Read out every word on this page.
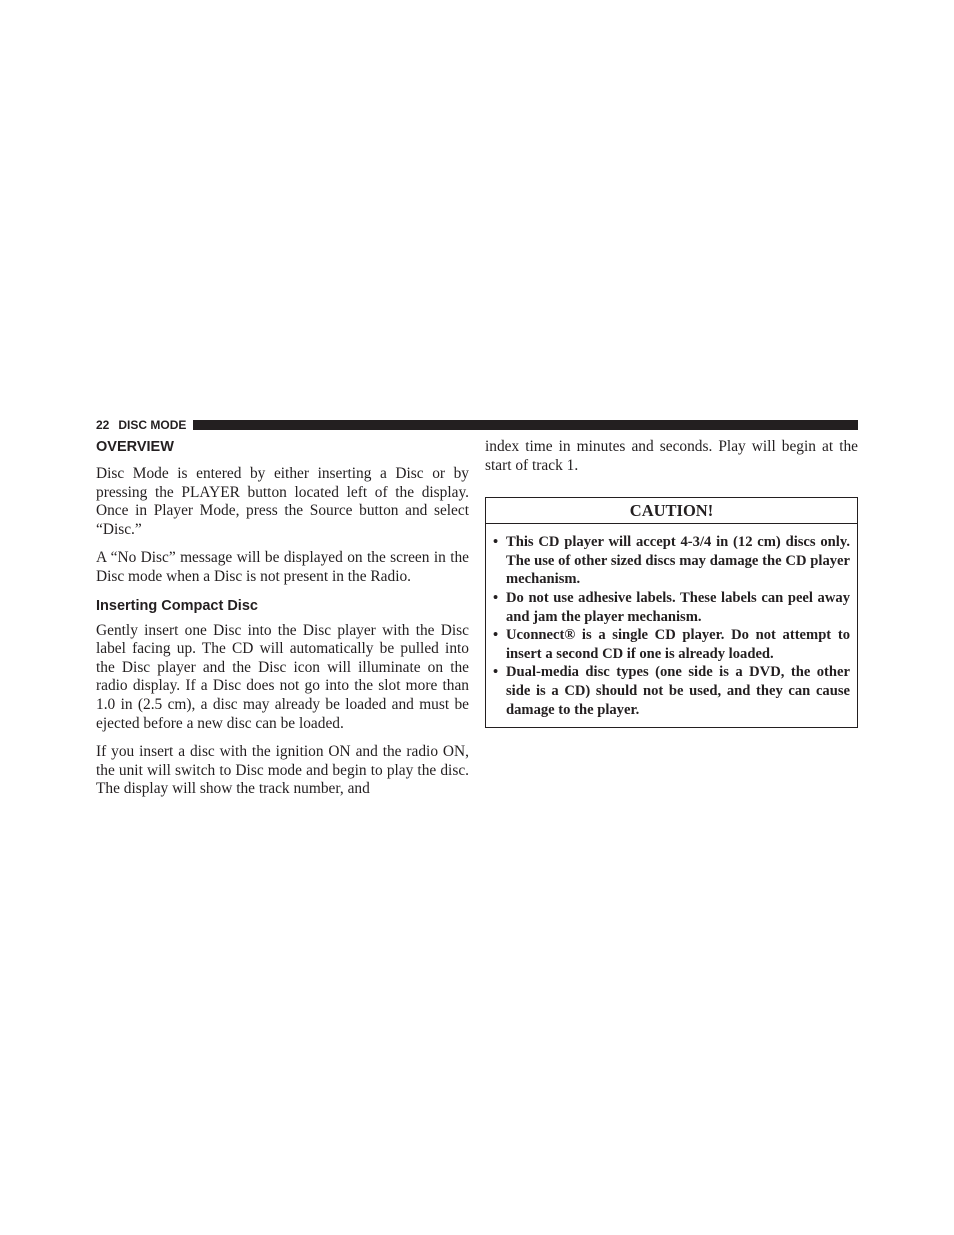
22 DISC MODE
OVERVIEW

Disc Mode is entered by either inserting a Disc or by pressing the PLAYER button located left of the display. Once in Player Mode, press the Source button and select “Disc.”

A “No Disc” message will be displayed on the screen in the Disc mode when a Disc is not present in the Radio.

Inserting Compact Disc

Gently insert one Disc into the Disc player with the Disc label facing up. The CD will automatically be pulled into the Disc player and the Disc icon will illuminate on the radio display. If a Disc does not go into the slot more than 1.0 in (2.5 cm), a disc may already be loaded and must be ejected before a new disc can be loaded.

If you insert a disc with the ignition ON and the radio ON, the unit will switch to Disc mode and begin to play the disc. The display will show the track number, and

index time in minutes and seconds. Play will begin at the start of track 1.

CAUTION!
• This CD player will accept 4-3/4 in (12 cm) discs only. The use of other sized discs may damage the CD player mechanism.
• Do not use adhesive labels. These labels can peel away and jam the player mechanism.
• Uconnect® is a single CD player. Do not attempt to insert a second CD if one is already loaded.
• Dual-media disc types (one side is a DVD, the other side is a CD) should not be used, and they can cause damage to the player.
